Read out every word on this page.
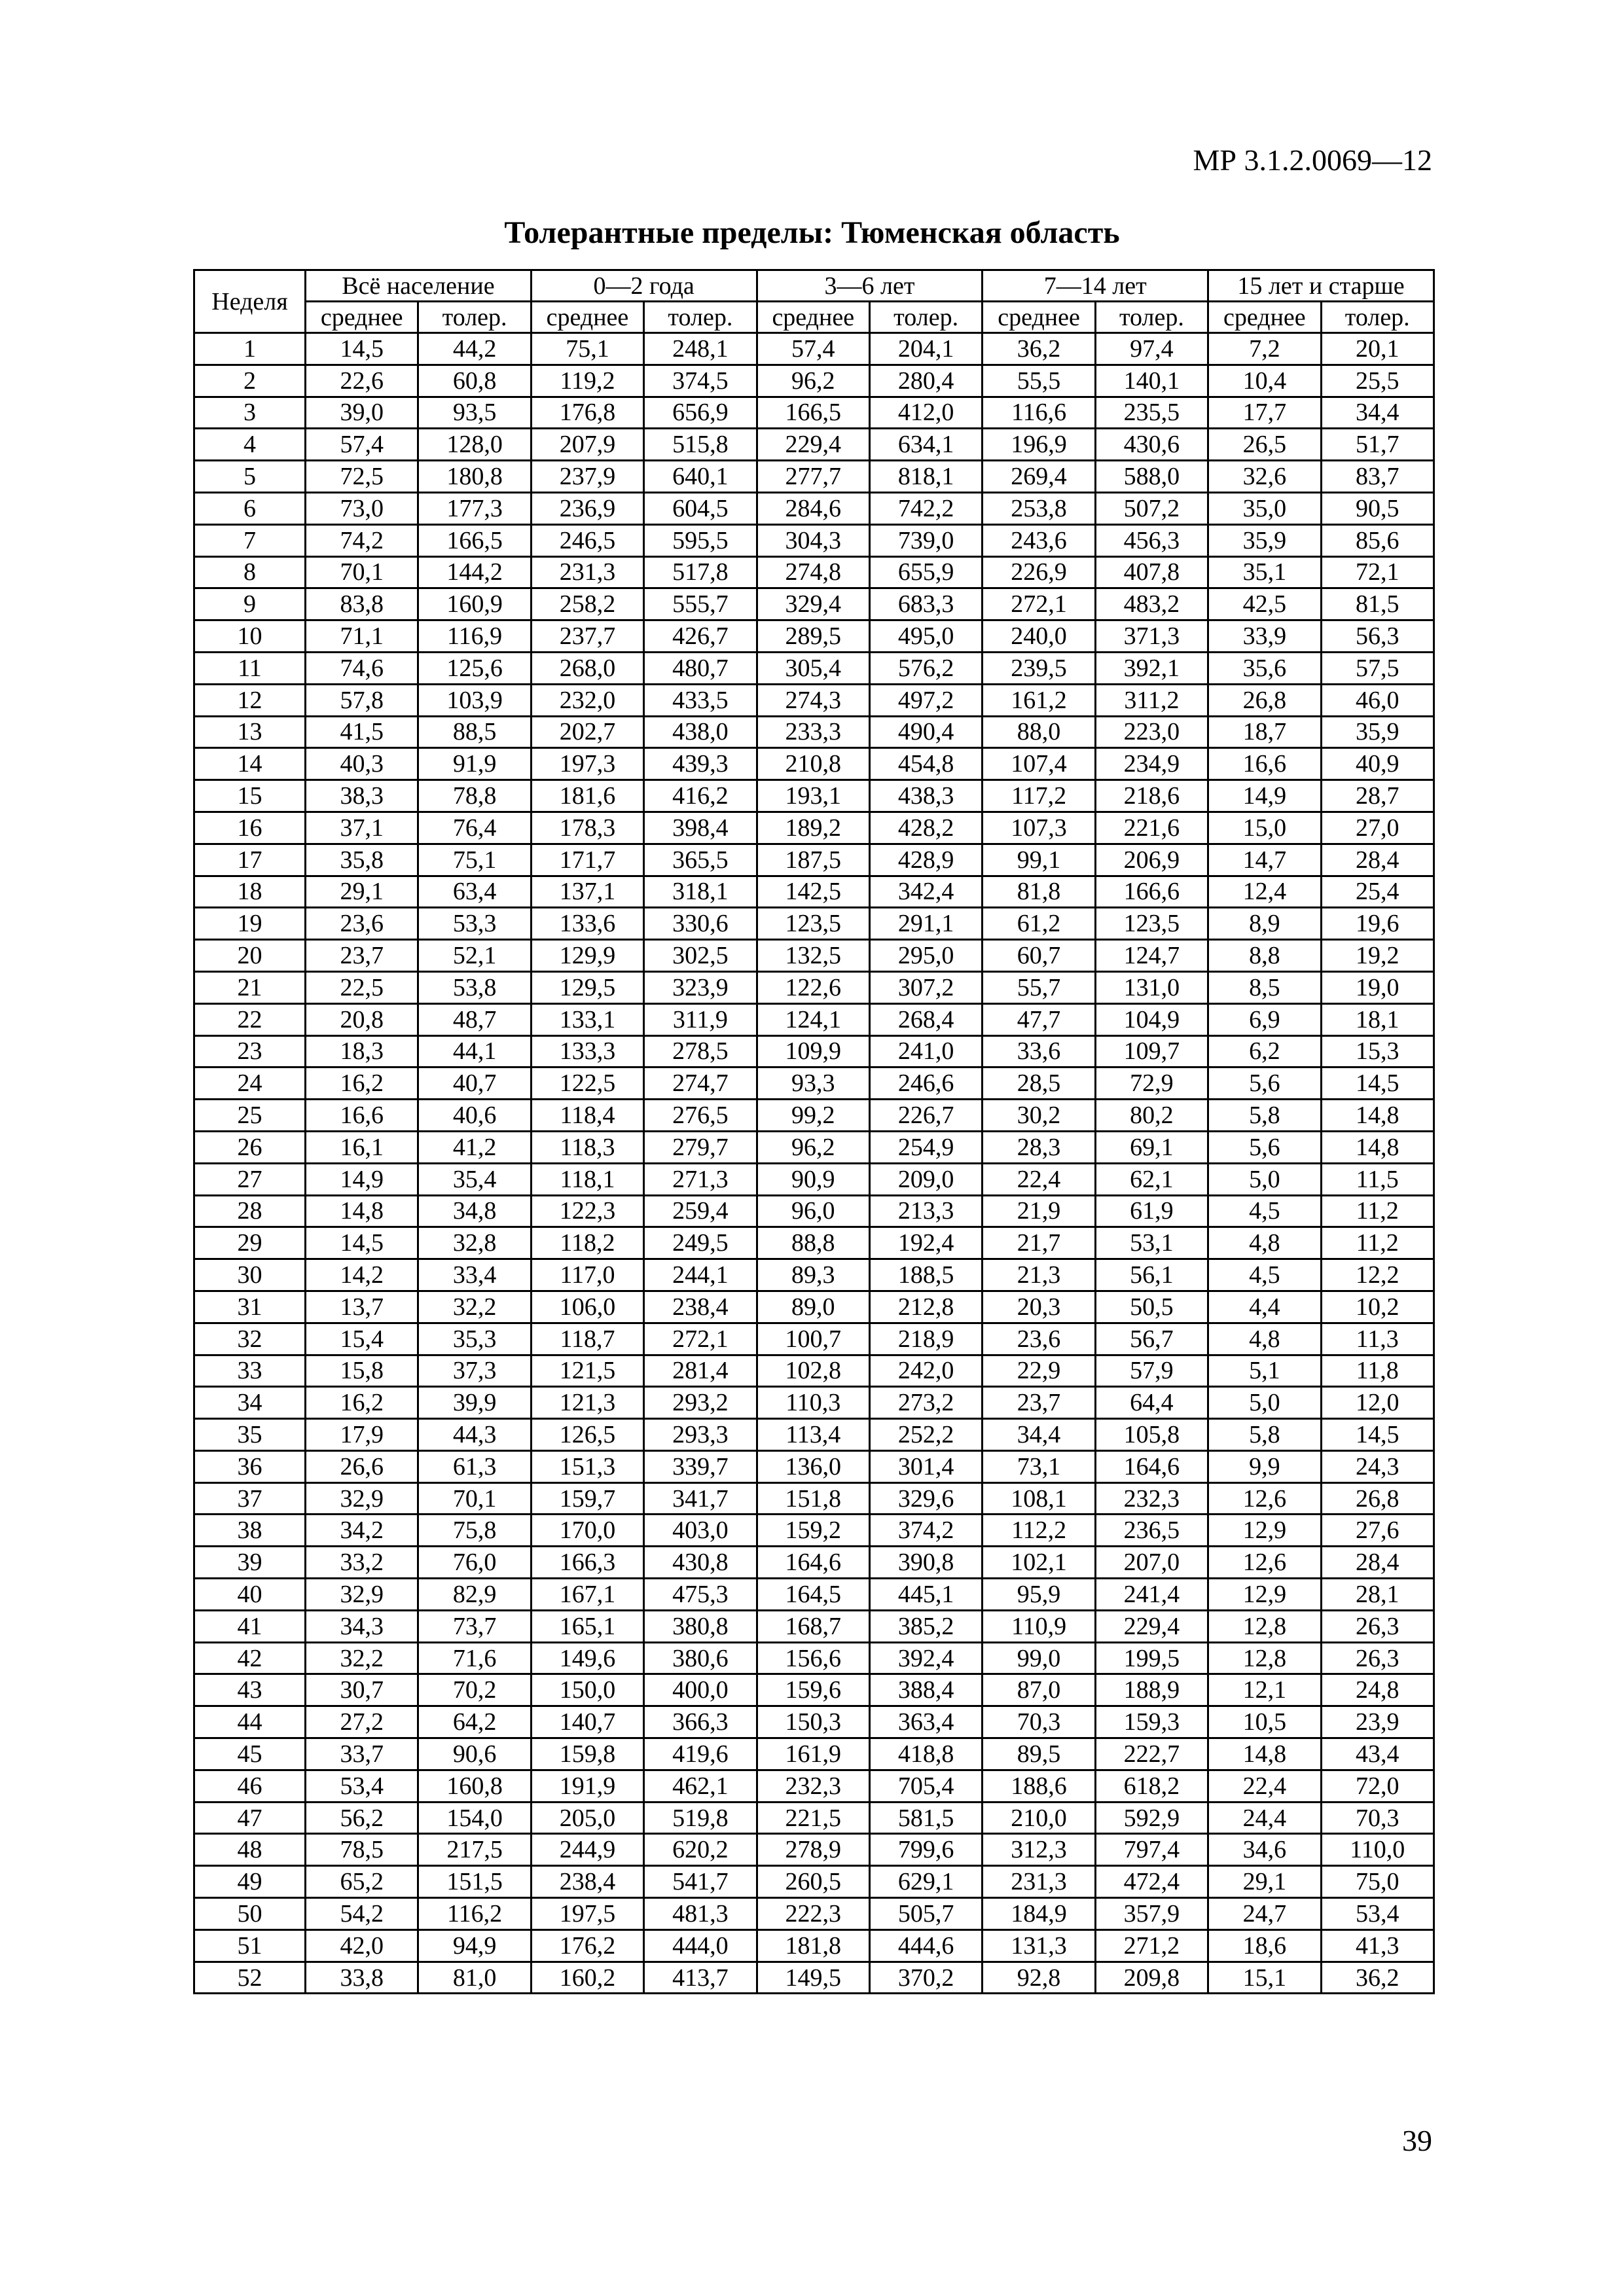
МР 3.1.2.0069—12
Толерантные пределы: Тюменская область
Неделя	Всё население		0—2 года		3—6 лет		7—14 лет		15 лет и старше	
	среднее	толер.	среднее	толер.	среднее	толер.	среднее	толер.	среднее	толер.
1	14,5	44,2	75,1	248,1	57,4	204,1	36,2	97,4	7,2	20,1
2	22,6	60,8	119,2	374,5	96,2	280,4	55,5	140,1	10,4	25,5
3	39,0	93,5	176,8	656,9	166,5	412,0	116,6	235,5	17,7	34,4
4	57,4	128,0	207,9	515,8	229,4	634,1	196,9	430,6	26,5	51,7
5	72,5	180,8	237,9	640,1	277,7	818,1	269,4	588,0	32,6	83,7
6	73,0	177,3	236,9	604,5	284,6	742,2	253,8	507,2	35,0	90,5
7	74,2	166,5	246,5	595,5	304,3	739,0	243,6	456,3	35,9	85,6
8	70,1	144,2	231,3	517,8	274,8	655,9	226,9	407,8	35,1	72,1
9	83,8	160,9	258,2	555,7	329,4	683,3	272,1	483,2	42,5	81,5
10	71,1	116,9	237,7	426,7	289,5	495,0	240,0	371,3	33,9	56,3
11	74,6	125,6	268,0	480,7	305,4	576,2	239,5	392,1	35,6	57,5
12	57,8	103,9	232,0	433,5	274,3	497,2	161,2	311,2	26,8	46,0
13	41,5	88,5	202,7	438,0	233,3	490,4	88,0	223,0	18,7	35,9
14	40,3	91,9	197,3	439,3	210,8	454,8	107,4	234,9	16,6	40,9
15	38,3	78,8	181,6	416,2	193,1	438,3	117,2	218,6	14,9	28,7
16	37,1	76,4	178,3	398,4	189,2	428,2	107,3	221,6	15,0	27,0
17	35,8	75,1	171,7	365,5	187,5	428,9	99,1	206,9	14,7	28,4
18	29,1	63,4	137,1	318,1	142,5	342,4	81,8	166,6	12,4	25,4
19	23,6	53,3	133,6	330,6	123,5	291,1	61,2	123,5	8,9	19,6
20	23,7	52,1	129,9	302,5	132,5	295,0	60,7	124,7	8,8	19,2
21	22,5	53,8	129,5	323,9	122,6	307,2	55,7	131,0	8,5	19,0
22	20,8	48,7	133,1	311,9	124,1	268,4	47,7	104,9	6,9	18,1
23	18,3	44,1	133,3	278,5	109,9	241,0	33,6	109,7	6,2	15,3
24	16,2	40,7	122,5	274,7	93,3	246,6	28,5	72,9	5,6	14,5
25	16,6	40,6	118,4	276,5	99,2	226,7	30,2	80,2	5,8	14,8
26	16,1	41,2	118,3	279,7	96,2	254,9	28,3	69,1	5,6	14,8
27	14,9	35,4	118,1	271,3	90,9	209,0	22,4	62,1	5,0	11,5
28	14,8	34,8	122,3	259,4	96,0	213,3	21,9	61,9	4,5	11,2
29	14,5	32,8	118,2	249,5	88,8	192,4	21,7	53,1	4,8	11,2
30	14,2	33,4	117,0	244,1	89,3	188,5	21,3	56,1	4,5	12,2
31	13,7	32,2	106,0	238,4	89,0	212,8	20,3	50,5	4,4	10,2
32	15,4	35,3	118,7	272,1	100,7	218,9	23,6	56,7	4,8	11,3
33	15,8	37,3	121,5	281,4	102,8	242,0	22,9	57,9	5,1	11,8
34	16,2	39,9	121,3	293,2	110,3	273,2	23,7	64,4	5,0	12,0
35	17,9	44,3	126,5	293,3	113,4	252,2	34,4	105,8	5,8	14,5
36	26,6	61,3	151,3	339,7	136,0	301,4	73,1	164,6	9,9	24,3
37	32,9	70,1	159,7	341,7	151,8	329,6	108,1	232,3	12,6	26,8
38	34,2	75,8	170,0	403,0	159,2	374,2	112,2	236,5	12,9	27,6
39	33,2	76,0	166,3	430,8	164,6	390,8	102,1	207,0	12,6	28,4
40	32,9	82,9	167,1	475,3	164,5	445,1	95,9	241,4	12,9	28,1
41	34,3	73,7	165,1	380,8	168,7	385,2	110,9	229,4	12,8	26,3
42	32,2	71,6	149,6	380,6	156,6	392,4	99,0	199,5	12,8	26,3
43	30,7	70,2	150,0	400,0	159,6	388,4	87,0	188,9	12,1	24,8
44	27,2	64,2	140,7	366,3	150,3	363,4	70,3	159,3	10,5	23,9
45	33,7	90,6	159,8	419,6	161,9	418,8	89,5	222,7	14,8	43,4
46	53,4	160,8	191,9	462,1	232,3	705,4	188,6	618,2	22,4	72,0
47	56,2	154,0	205,0	519,8	221,5	581,5	210,0	592,9	24,4	70,3
48	78,5	217,5	244,9	620,2	278,9	799,6	312,3	797,4	34,6	110,0
49	65,2	151,5	238,4	541,7	260,5	629,1	231,3	472,4	29,1	75,0
50	54,2	116,2	197,5	481,3	222,3	505,7	184,9	357,9	24,7	53,4
51	42,0	94,9	176,2	444,0	181,8	444,6	131,3	271,2	18,6	41,3
52	33,8	81,0	160,2	413,7	149,5	370,2	92,8	209,8	15,1	36,2
39
